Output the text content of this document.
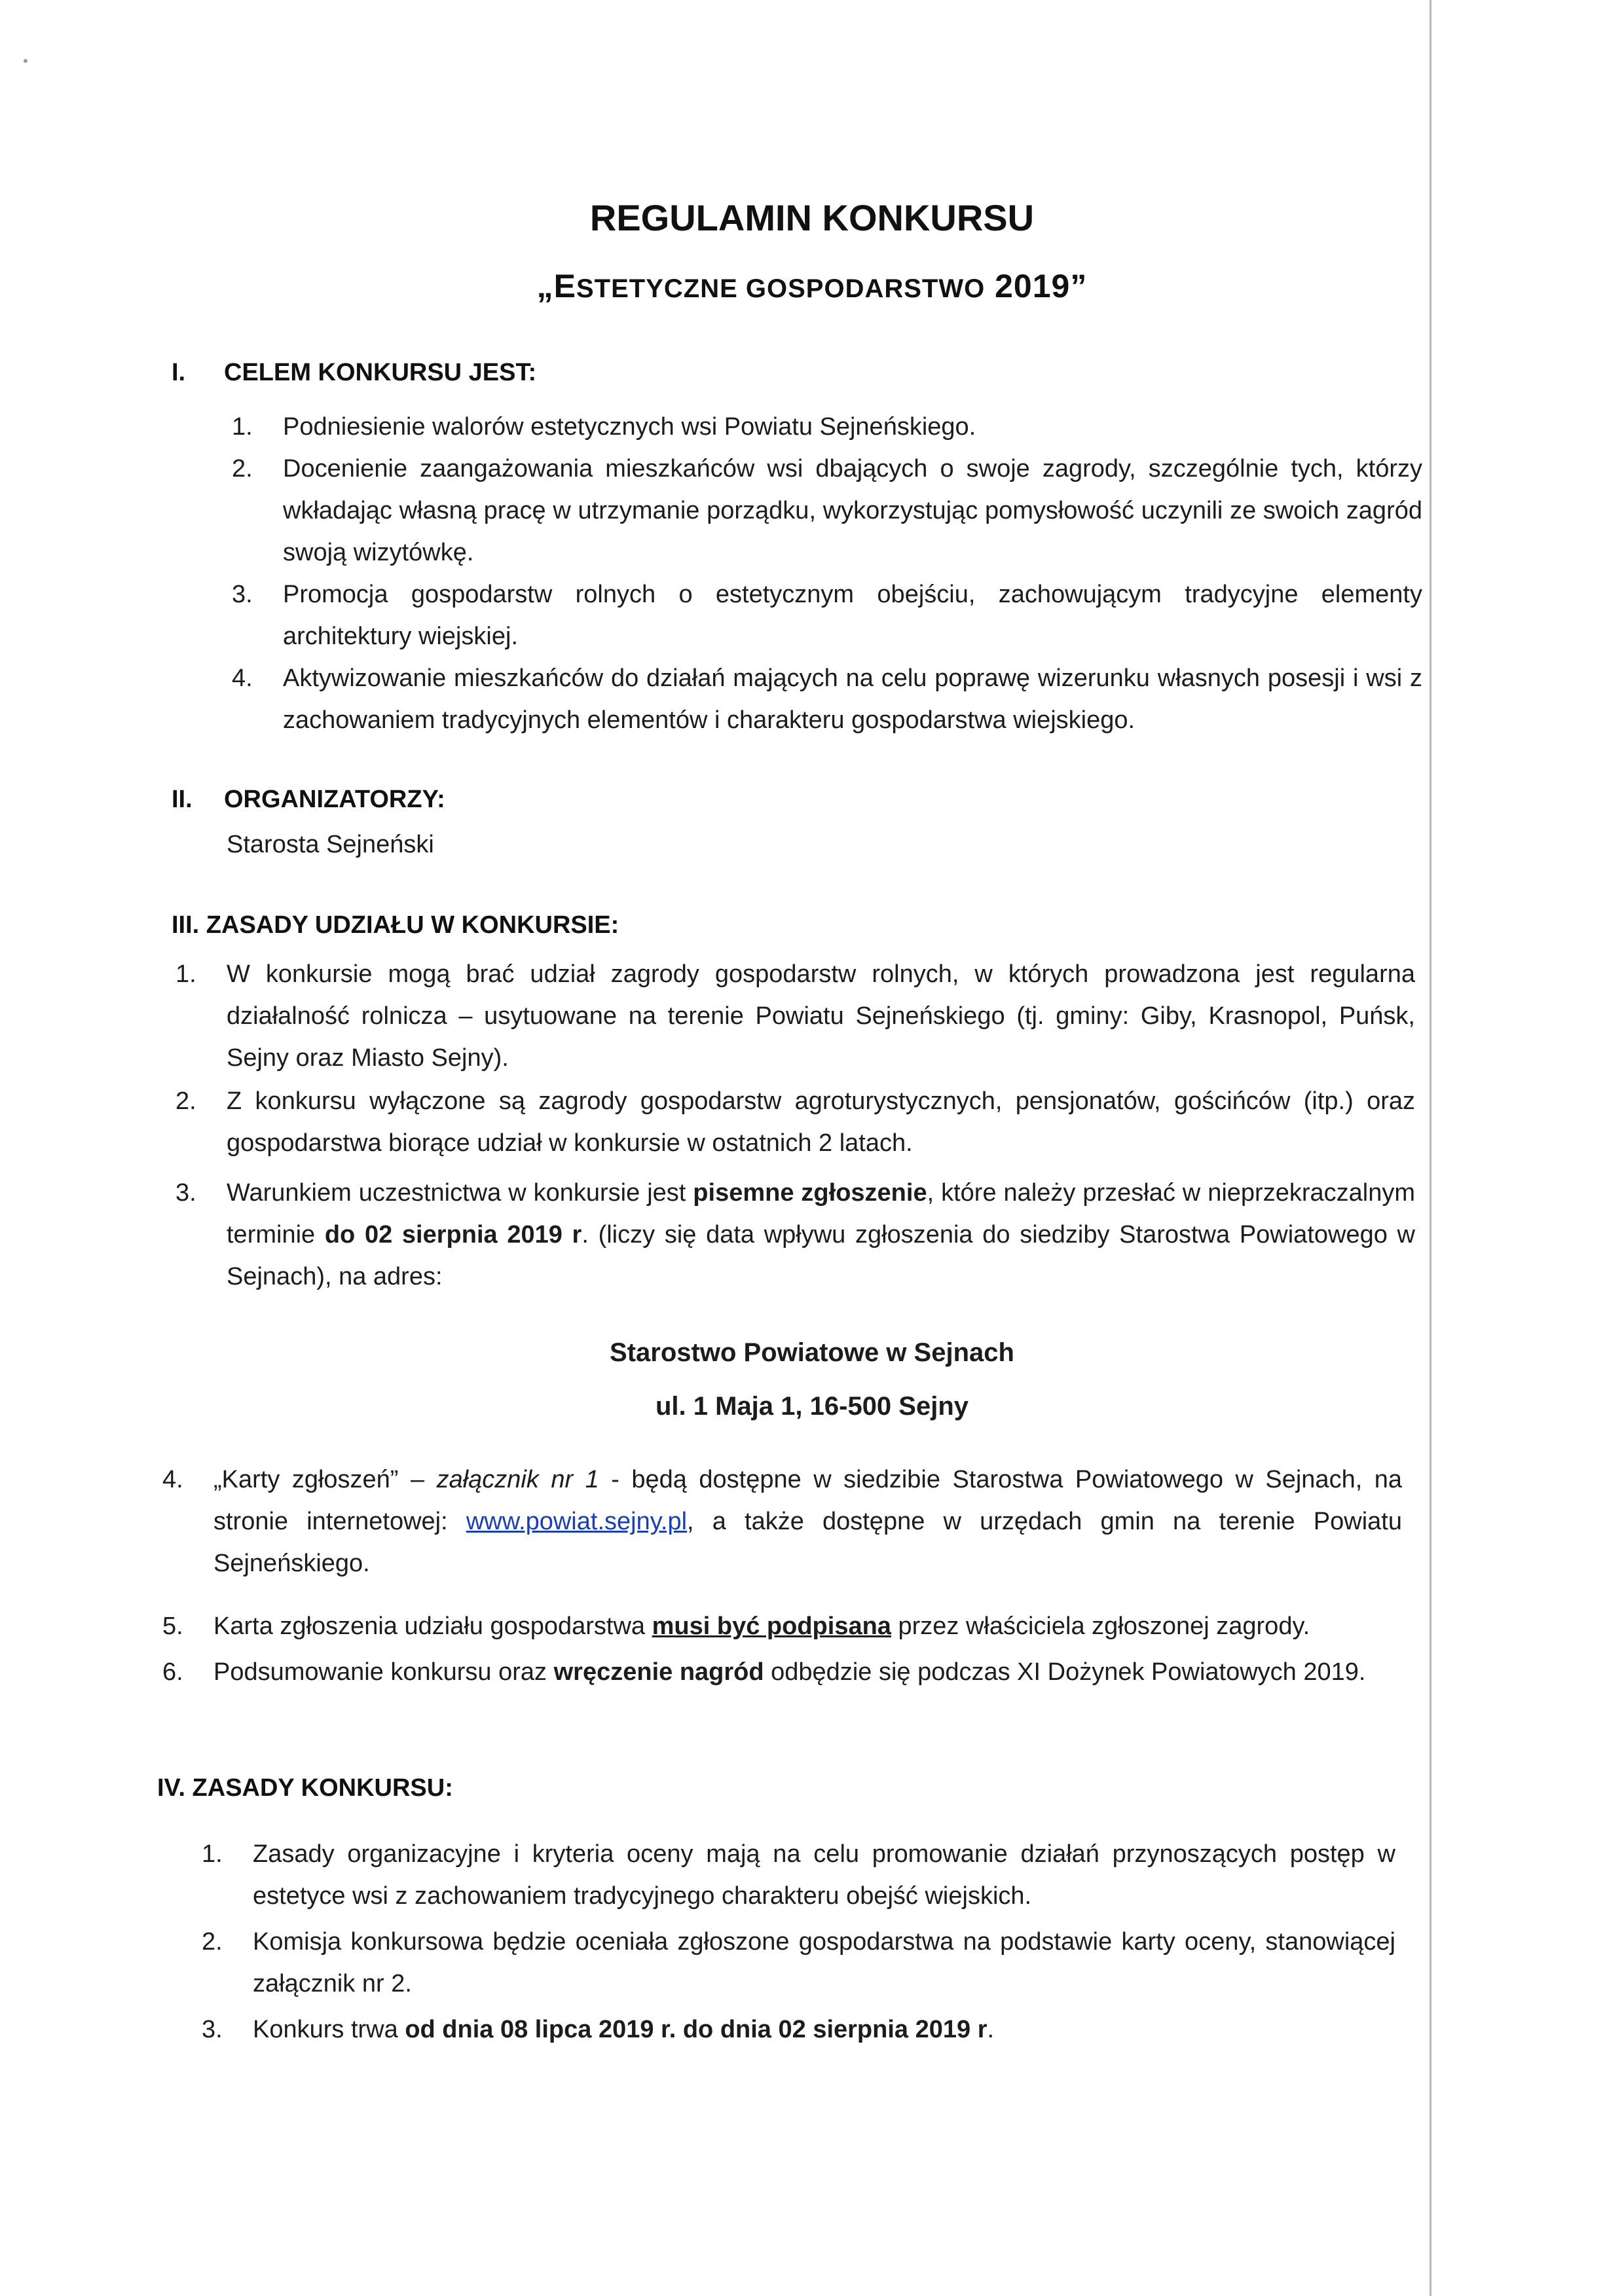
REGULAMIN KONKURSU
„ESTETYCZNE GOSPODARSTWO 2019”
I. CELEM KONKURSU JEST:
1. Podniesienie walorów estetycznych wsi Powiatu Sejneńskiego.
2. Docenienie zaangażowania mieszkańców wsi dbających o swoje zagrody, szczególnie tych, którzy wkładając własną pracę w utrzymanie porządku, wykorzystując pomysłowość uczynili ze swoich zagród swoją wizytówkę.
3. Promocja gospodarstw rolnych o estetycznym obejściu, zachowującym tradycyjne elementy architektury wiejskiej.
4. Aktywizowanie mieszkańców do działań mających na celu poprawę wizerunku własnych posesji i wsi z zachowaniem tradycyjnych elementów i charakteru gospodarstwa wiejskiego.
II. ORGANIZATORZY:
Starosta Sejneński
III. ZASADY UDZIAŁU W KONKURSIE:
1. W konkursie mogą brać udział zagrody gospodarstw rolnych, w których prowadzona jest regularna działalność rolnicza – usytuowane na terenie Powiatu Sejneńskiego (tj. gminy: Giby, Krasnopol, Puńsk, Sejny oraz Miasto Sejny).
2. Z konkursu wyłączone są zagrody gospodarstw agroturystycznych, pensjonatów, gościńców (itp.) oraz gospodarstwa biorące udział w konkursie w ostatnich 2 latach.
3. Warunkiem uczestnictwa w konkursie jest pisemne zgłoszenie, które należy przesłać w nieprzekraczalnym terminie do 02 sierpnia 2019 r. (liczy się data wpływu zgłoszenia do siedziby Starostwa Powiatowego w Sejnach), na adres:
Starostwo Powiatowe w Sejnach
ul. 1 Maja 1, 16-500 Sejny
4. „Karty zgłoszeń” – załącznik nr 1 - będą dostępne w siedzibie Starostwa Powiatowego w Sejnach, na stronie internetowej: www.powiat.sejny.pl, a także dostępne w urzędach gmin na terenie Powiatu Sejneńskiego.
5. Karta zgłoszenia udziału gospodarstwa musi być podpisana przez właściciela zgłoszonej zagrody.
6. Podsumowanie konkursu oraz wręczenie nagród odbędzie się podczas XI Dożynek Powiatowych 2019.
IV. ZASADY KONKURSU:
1. Zasady organizacyjne i kryteria oceny mają na celu promowanie działań przynoszących postęp w estetyce wsi z zachowaniem tradycyjnego charakteru obejść wiejskich.
2. Komisja konkursowa będzie oceniała zgłoszone gospodarstwa na podstawie karty oceny, stanowiącej załącznik nr 2.
3. Konkurs trwa od dnia 08 lipca 2019 r. do dnia 02 sierpnia 2019 r.
